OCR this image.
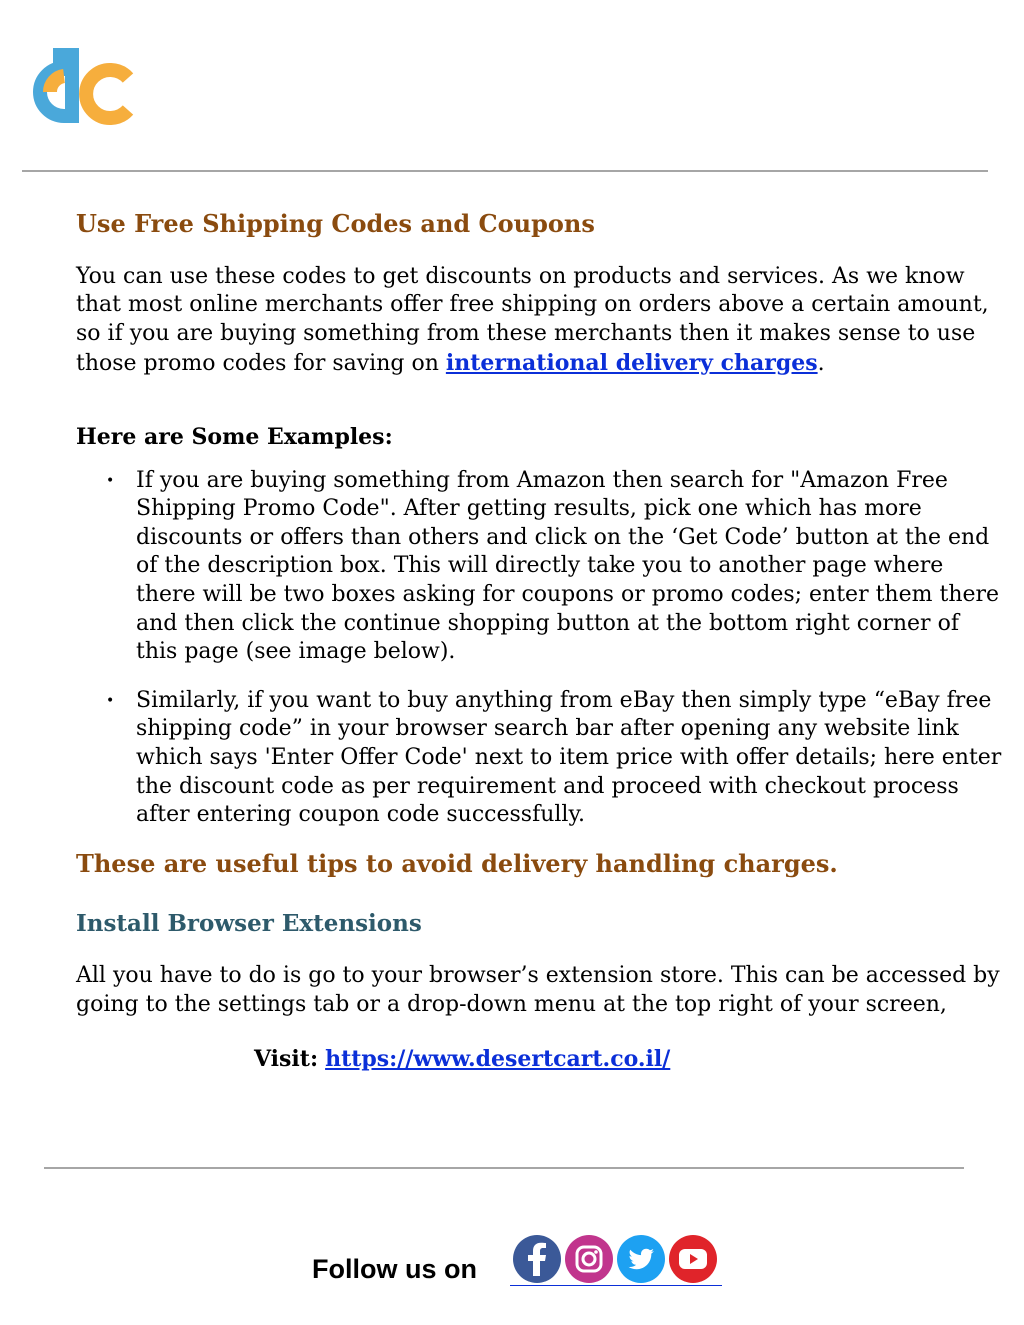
Use Free Shipping Codes and Coupons

You can use these codes to get discounts on products and services. As we know that most online merchants offer free shipping on orders above a certain amount, so if you are buying something from these merchants then it makes sense to use those promo codes for saving on international delivery charges.

Here are Some Examples:
• If you are buying something from Amazon then search for "Amazon Free Shipping Promo Code". After getting results, pick one which has more discounts or offers than others and click on the ‘Get Code’ button at the end of the description box. This will directly take you to another page where there will be two boxes asking for coupons or promo codes; enter them there and then click the continue shopping button at the bottom right corner of this page (see image below).
• Similarly, if you want to buy anything from eBay then simply type “eBay free shipping code” in your browser search bar after opening any website link which says 'Enter Offer Code' next to item price with offer details; here enter the discount code as per requirement and proceed with checkout process after entering coupon code successfully.
These are useful tips to avoid delivery handling charges.
Install Browser Extensions

All you have to do is go to your browser’s extension store. This can be accessed by going to the settings tab or a drop-down menu at the top right of your screen,

Visit: https://www.desertcart.co.il/

Follow us on
